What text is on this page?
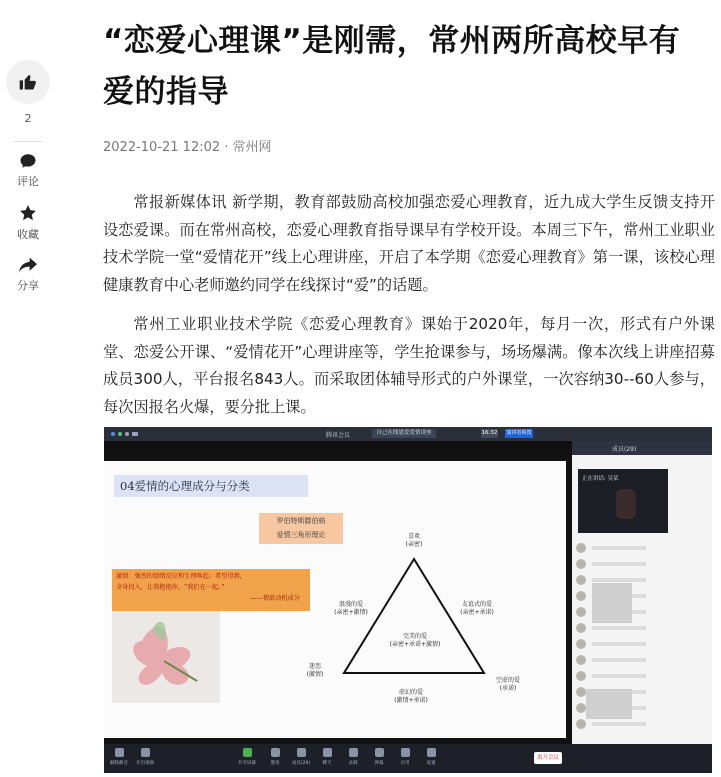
2
评论
收藏
分享
“恋爱心理课”是刚需，常州两所高校早有
爱的指导
2022-10-21 12:02 · 常州网

常报新媒体讯 新学期，教育部鼓励高校加强恋爱心理教育，近九成大学生反馈支持开设恋爱课。而在常州高校，恋爱心理教育指导课早有学校开设。本周三下午，常州工业职业技术学院一堂“爱情花开”线上心理讲座，开启了本学期《恋爱心理教育》第一课，该校心理健康教育中心老师邀约同学在线探讨“爱”的话题。

常州工业职业技术学院《恋爱心理教育》课始于2020年，每月一次，形式有户外课堂、恋爱公开课、“爱情花开”心理讲座等，学生抢课参与，场场爆满。像本次线上讲座招募成员300人，平台报名843人。而采取团体辅导形式的户外课堂，一次容纳30--60人参与，每次因报名火爆，要分批上课。

腾讯会议	自己在线恩爱爱情讲座	16:32 演讲者视图
04爱情的心理成分与分类
罗伯特斯滕伯格
爱情三角形理论
激情：强烈的情绪反应和生理唤起；希望得到，
全身投入，让我抱抱你，“我们在一起。”
——情欲动机成分
喜欢
(亲密)
浪漫的爱
(亲密+激情)
友谊式的爱
(亲密+承诺)
完美的爱
(亲密+承诺+激情)
迷恋
(激情)
空虚的爱
(承诺)
虚幻的爱
(激情+承诺)
成员(29)
正在讲话: 吴某
解除静音	开启视频	共享屏幕	邀请	成员(29)	聊天	录制	弹幕	应用	设置
离开会议
